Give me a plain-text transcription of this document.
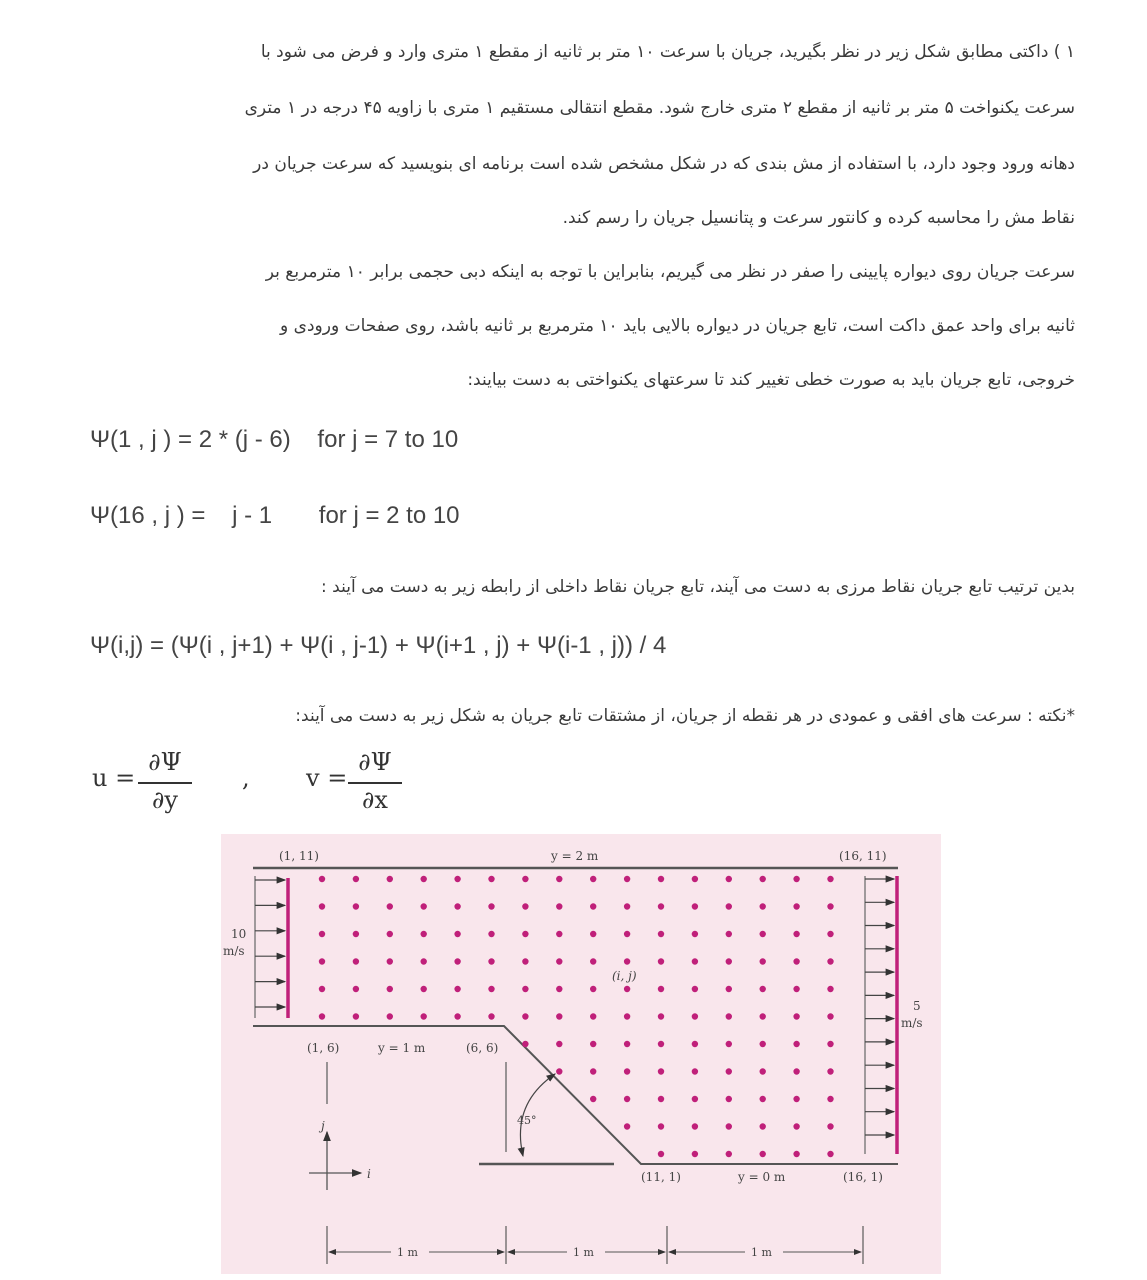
۱ ) داکتی مطابق شکل زیر در نظر بگیرید، جریان با سرعت ۱۰ متر بر ثانیه از مقطع ۱ متری وارد و فرض می شود با
سرعت یکنواخت ۵ متر بر ثانیه از مقطع ۲ متری خارج شود. مقطع انتقالی مستقیم ۱ متری با زاویه ۴۵ درجه در ۱ متری
دهانه ورود وجود دارد، با استفاده از مش بندی که در شکل مشخص شده است برنامه ای بنویسید که سرعت جریان در
نقاط مش را محاسبه کرده و کانتور سرعت و پتانسیل جریان را رسم کند.
سرعت جریان روی دیواره پایینی را صفر در نظر می گیریم، بنابراین با توجه به اینکه دبی حجمی برابر ۱۰ مترمربع بر
ثانیه برای واحد عمق داکت است، تابع جریان در دیواره بالایی باید ۱۰ مترمربع بر ثانیه باشد، روی صفحات ورودی و
خروجی، تابع جریان باید به صورت خطی تغییر کند تا سرعتهای یکنواختی به دست بیایند:
Ψ(1 , j ) = 2 * (j - 6)    for j = 7 to 10
Ψ(16 , j ) =    j - 1       for j = 2 to 10
بدین ترتیب تابع جریان نقاط مرزی به دست می آیند، تابع جریان نقاط داخلی از رابطه زیر به دست می آیند :
Ψ(i,j) = (Ψ(i , j+1) + Ψ(i , j-1) + Ψ(i+1 , j) + Ψ(i-1 , j)) / 4
*نکته : سرعت های افقی و عمودی در هر نقطه از جریان، از مشتقات تابع جریان به شکل زیر به دست می آیند:
u =
∂Ψ
∂y
, v =
∂Ψ
∂x
(1, 11)	y = 2 m	(16, 11)
10
m/s
5
m/s
(i, j)
(1, 6)	y = 1 m	(6, 6)
45°
(11, 1)	y = 0 m	(16, 1)
j
i
1 m	1 m	1 m
